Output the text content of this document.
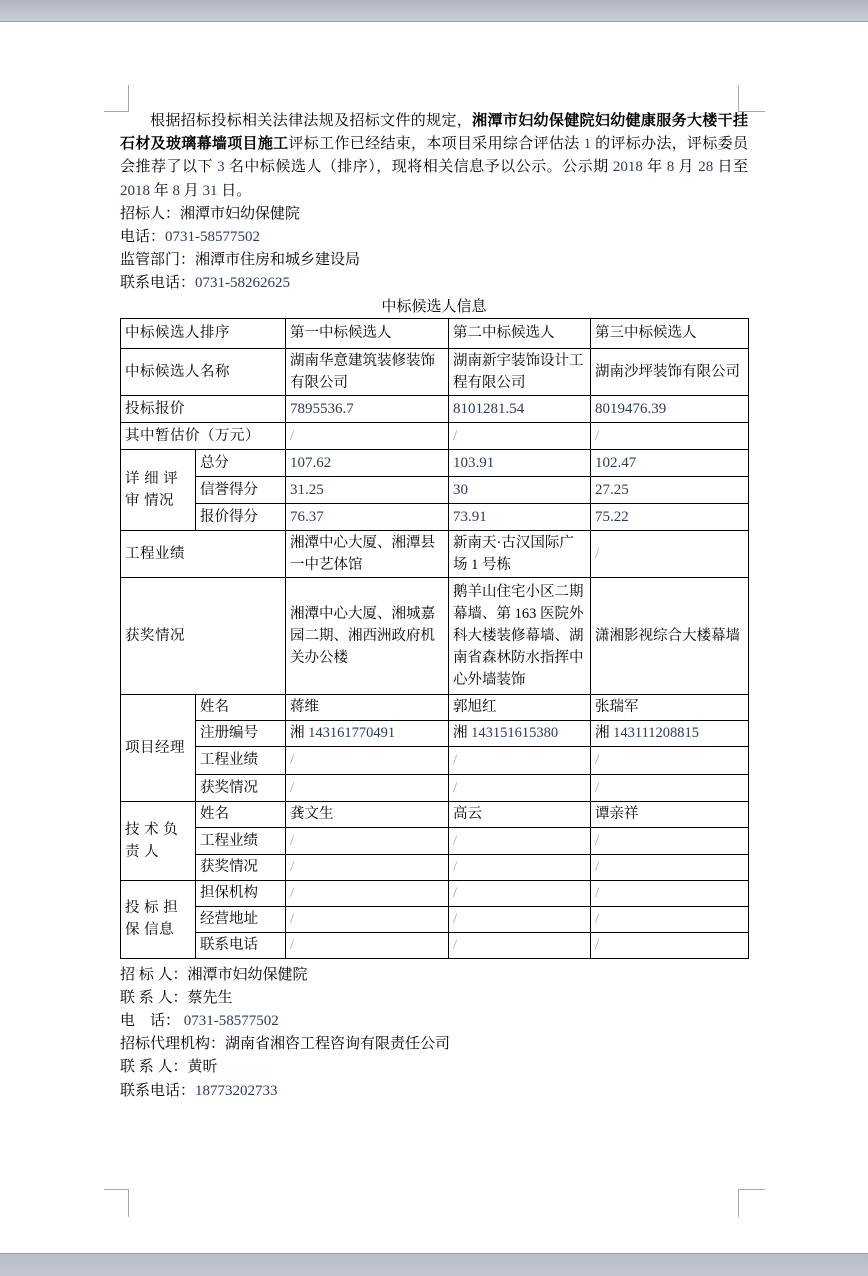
根据招标投标相关法律法规及招标文件的规定，湘潭市妇幼保健院妇幼健康服务大楼干挂石材及玻璃幕墙项目施工评标工作已经结束，本项目采用综合评估法 1 的评标办法，评标委员会推荐了以下 3 名中标候选人（排序），现将相关信息予以公示。公示期 2018 年 8 月 28 日至 2018 年 8 月 31 日。

招标人：湘潭市妇幼保健院
电话：0731-58577502
监管部门：湘潭市住房和城乡建设局
联系电话：0731-58262625
中标候选人信息
中标候选人排序		第一中标候选人	第二中标候选人	第三中标候选人
中标候选人名称		湖南华意建筑装修装饰有限公司	湖南新宇装饰设计工程有限公司	湖南沙坪装饰有限公司
投标报价		7895536.7	8101281.54	8019476.39
其中暂估价（万元）		/	/	/
详 细 评 审 情况	总分	107.62	103.91	102.47
	信誉得分	31.25	30	27.25
	报价得分	76.37	73.91	75.22
工程业绩		湘潭中心大厦、湘潭县一中艺体馆	新南天·古汉国际广场 1 号栋	/
获奖情况		湘潭中心大厦、湘城嘉园二期、湘西洲政府机关办公楼	鹅羊山住宅小区二期幕墙、第 163 医院外科大楼装修幕墙、湖南省森林防水指挥中心外墙装饰	潇湘影视综合大楼幕墙
项目经理	姓名	蒋维	郭旭红	张瑞军
	注册编号	湘 143161770491	湘 143151615380	湘 143111208815
	工程业绩	/	/	/
	获奖情况	/	/	/
技 术 负 责 人	姓名	龚文生	高云	谭亲祥
	工程业绩	/	/	/
	获奖情况	/	/	/
投 标 担 保 信息	担保机构	/	/	/
	经营地址	/	/	/
	联系电话	/	/	/
招 标 人：湘潭市妇幼保健院
联 系 人：蔡先生
电　话： 0731-58577502
招标代理机构：湖南省湘咨工程咨询有限责任公司
联 系 人：黄昕
联系电话：18773202733
